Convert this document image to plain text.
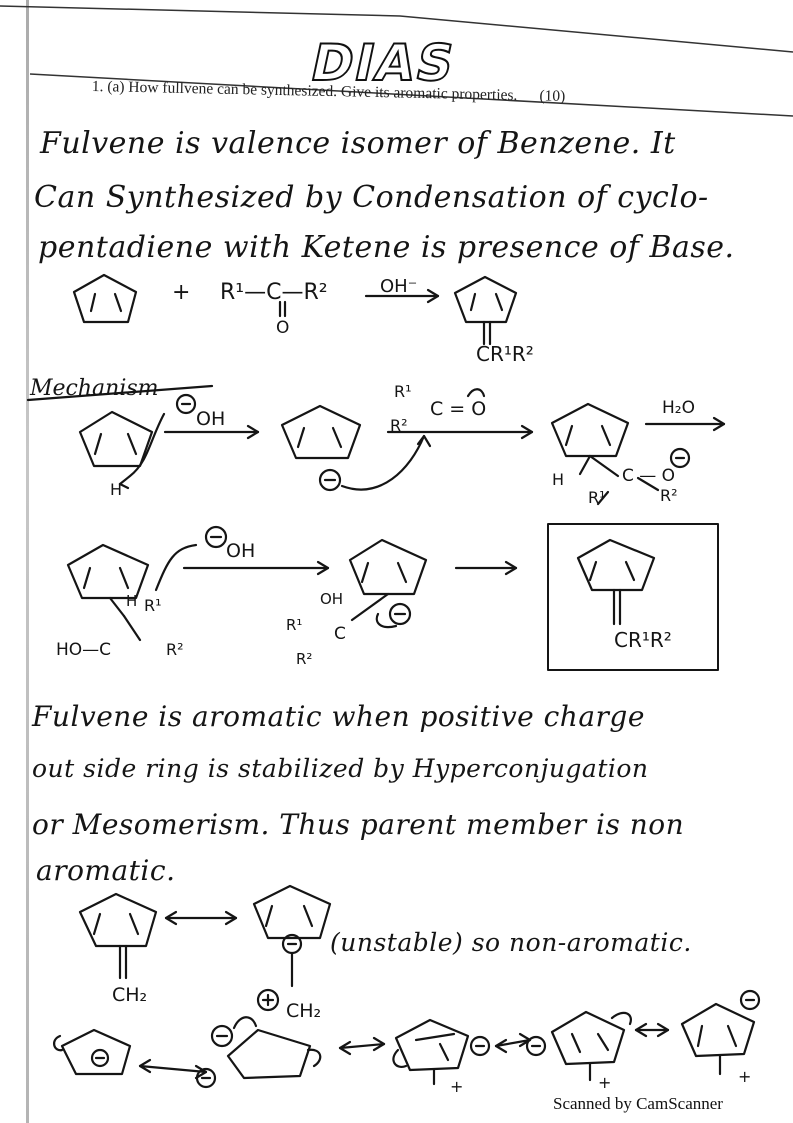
DIAS
1. (a) How fullvene can be synthesized. Give its aromatic properties. (10)
Fulvene is valence isomer of Benzene. It
Can Synthesized by Condensation of cyclo-
pentadiene with Ketene is presence of Base.
+	+	+
+ R¹—C—R²
O
OH⁻
CR¹R²
Mechanism
OH
H
R¹
R²
C = O	H₂O
H	C — O
R¹	R²
OH
H R¹
R²
HO—C
R¹ C
OH
R²
CR¹R²
Fulvene is aromatic when positive charge
out side ring is stabilized by Hyperconjugation
or Mesomerism. Thus parent member is non
aromatic.
CH₂
CH₂
(unstable) so non-aromatic.
Scanned by CamScanner
